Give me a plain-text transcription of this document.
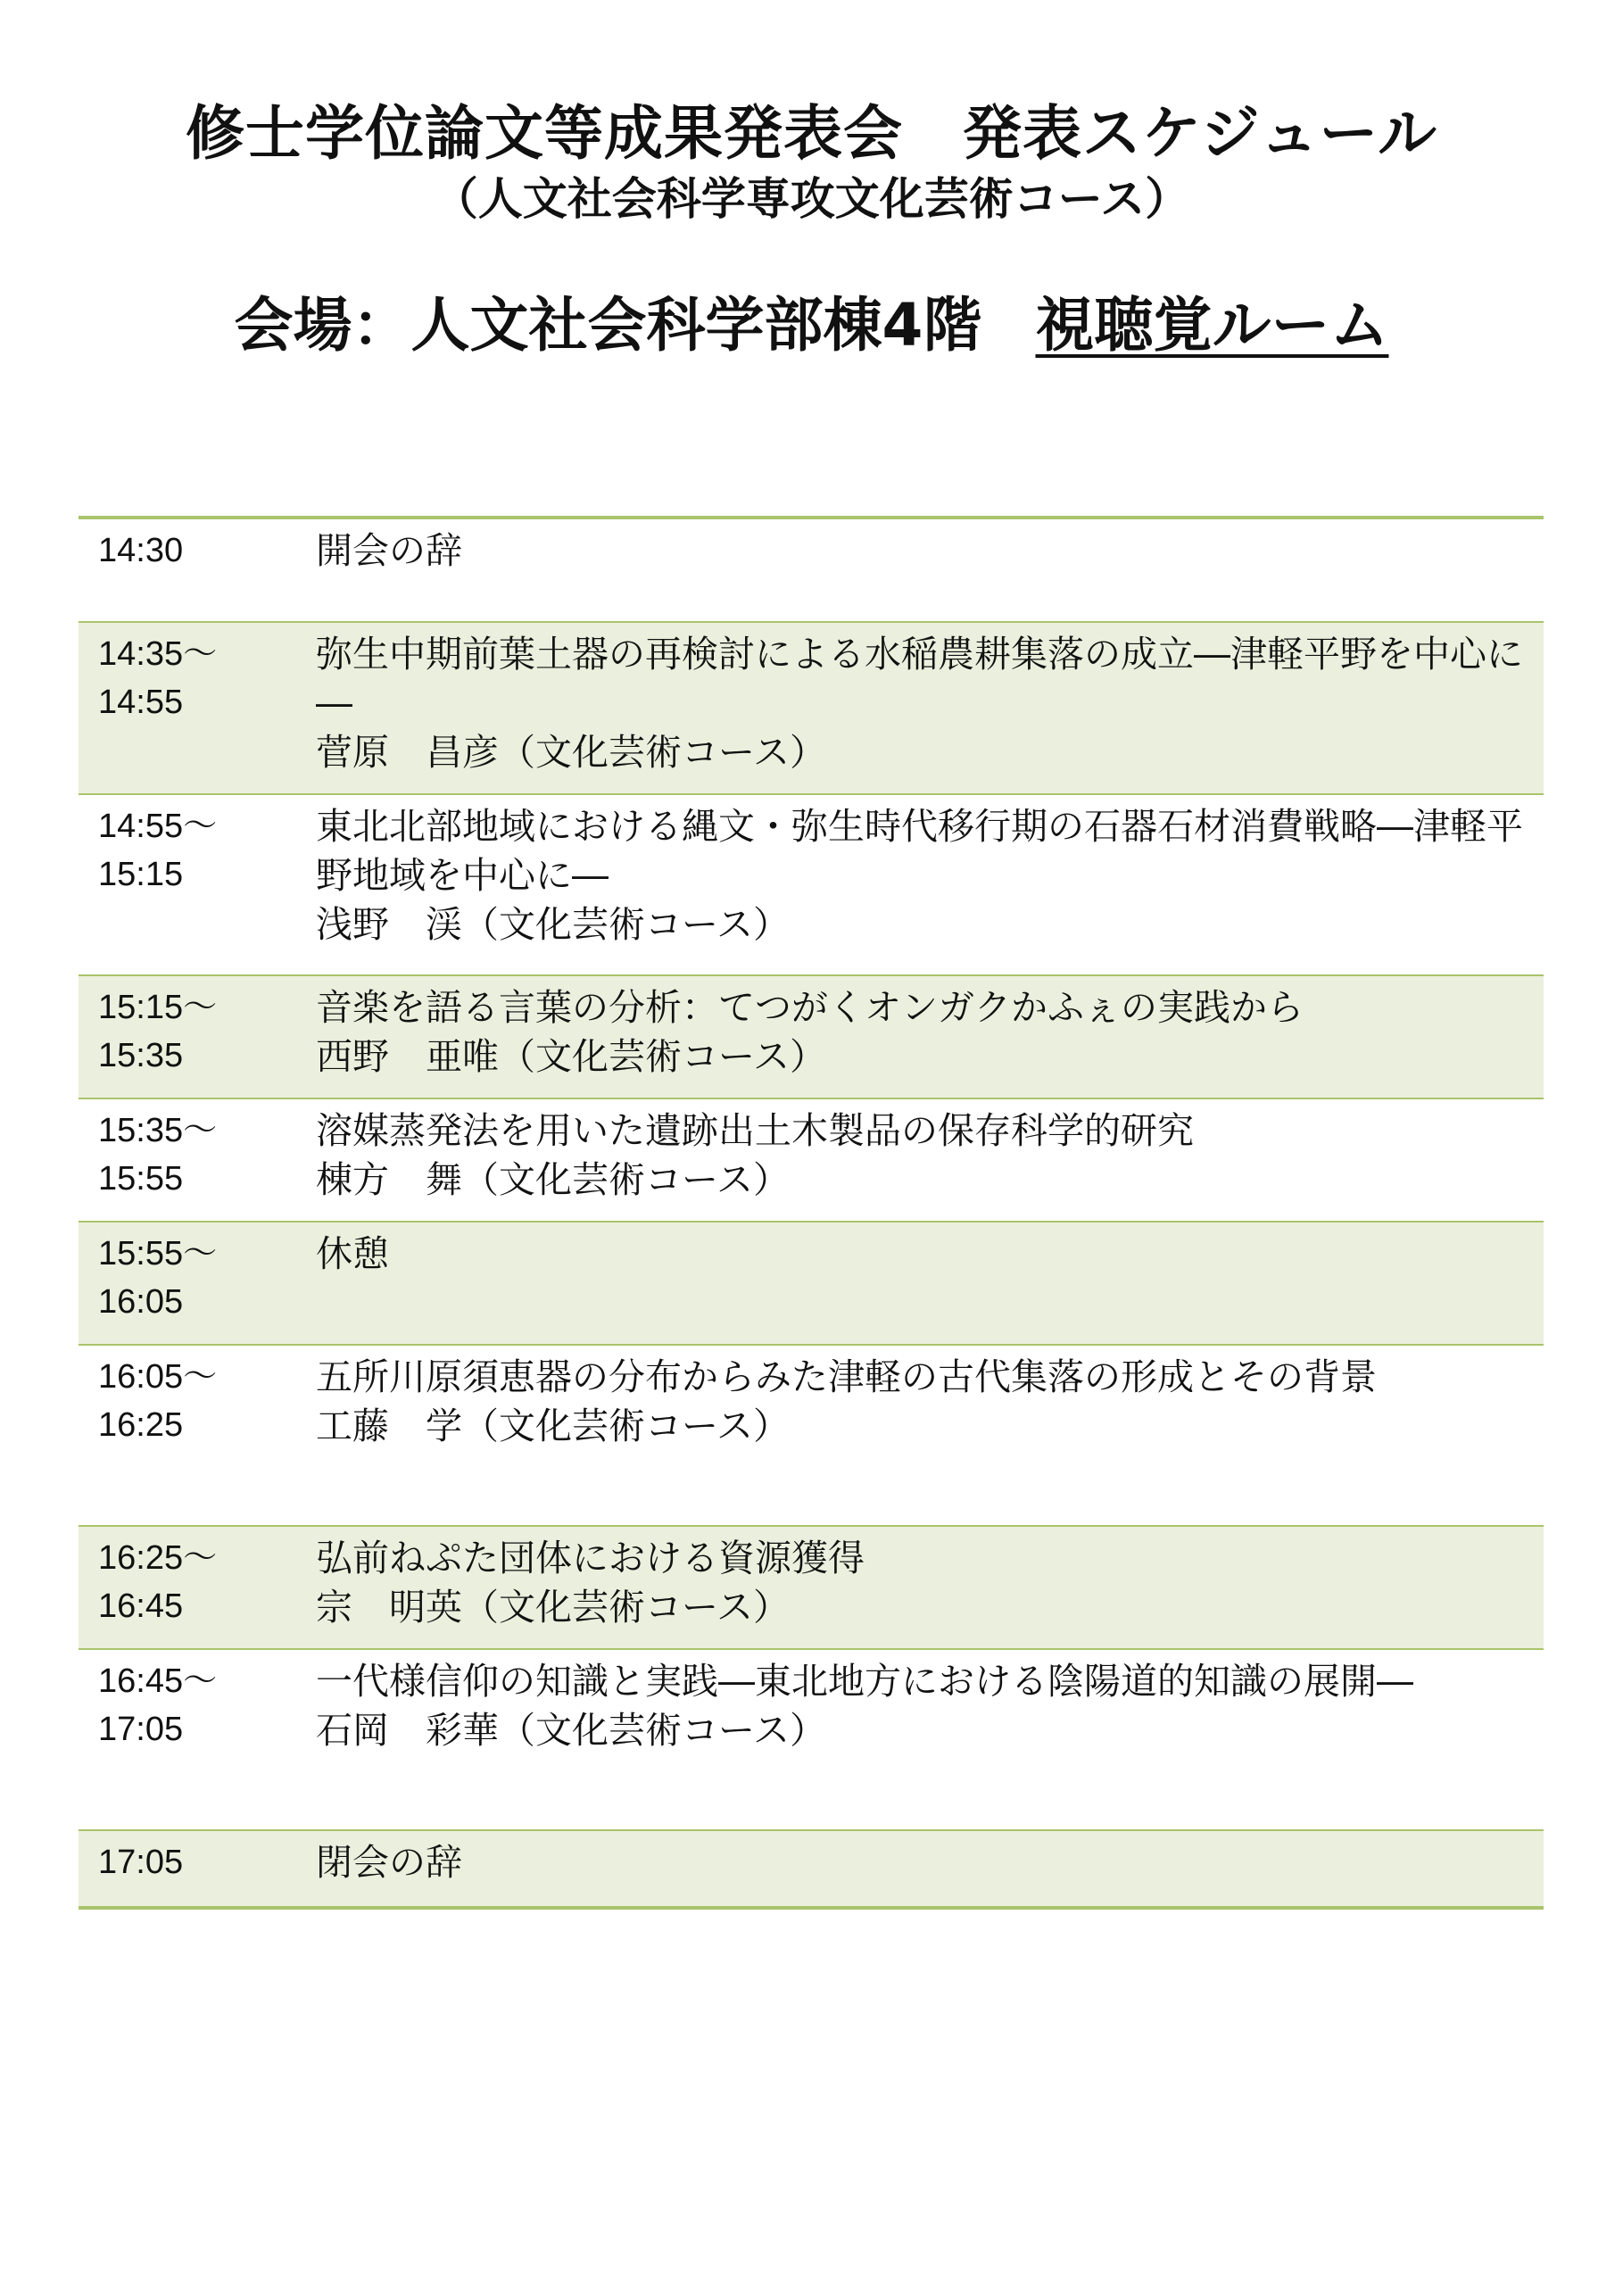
修士学位論文等成果発表会　発表スケジュール
（人文社会科学専攻文化芸術コース）
会場：人文社会科学部棟4階 視聴覚ルーム
14:30	開会の辞
14:35〜
14:55
弥生中期前葉土器の再検討による水稲農耕集落の成立―津軽平野を中心に―
菅原　昌彦（文化芸術コース）
14:55〜
15:15
東北北部地域における縄文・弥生時代移行期の石器石材消費戦略―津軽平野地域を中心に―
浅野　渓（文化芸術コース）
15:15〜
15:35
音楽を語る言葉の分析：てつがくオンガクかふぇの実践から
西野　亜唯（文化芸術コース）
15:35〜
15:55
溶媒蒸発法を用いた遺跡出土木製品の保存科学的研究
棟方　舞（文化芸術コース）
15:55〜
16:05
休憩
16:05〜
16:25
五所川原須恵器の分布からみた津軽の古代集落の形成とその背景
工藤　学（文化芸術コース）
16:25〜
16:45
弘前ねぷた団体における資源獲得
宗　明英（文化芸術コース）
16:45〜
17:05
一代様信仰の知識と実践―東北地方における陰陽道的知識の展開―
石岡　彩華（文化芸術コース）
17:05	閉会の辞
